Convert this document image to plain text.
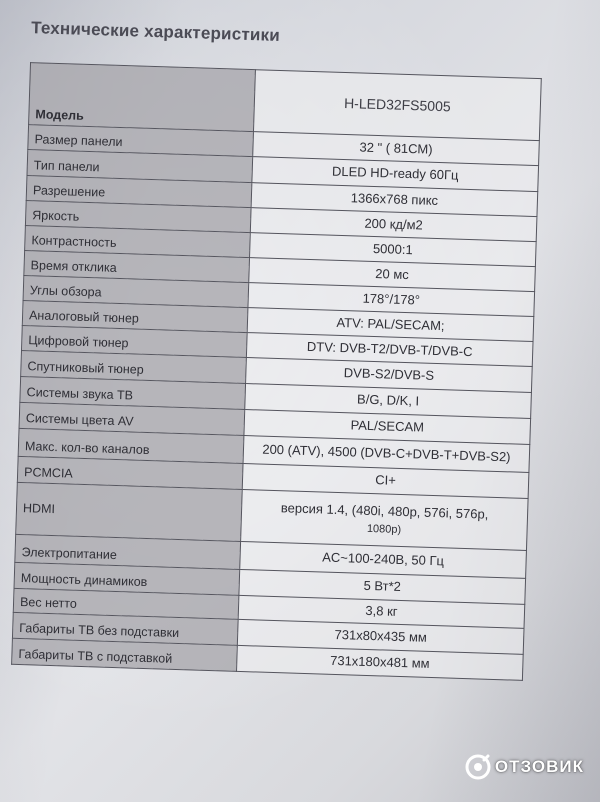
Технические характеристики
Модель	H-LED32FS5005
Размер панели	32 " ( 81СМ)
Тип панели	DLED HD-ready 60Гц
Разрешение	1366х768 пикс
Яркость	200 кд/м2
Контрастность	5000:1
Время отклика	20 мс
Углы обзора	178°/178°
Аналоговый тюнер	ATV: PAL/SECAM;
Цифровой тюнер	DTV: DVB-T2/DVB-T/DVB-C
Спутниковый тюнер	DVB-S2/DVB-S
Системы звука ТВ	B/G, D/K, I
Системы цвета AV	PAL/SECAM
Макс. кол-во каналов	200 (ATV), 4500 (DVB-C+DVB-T+DVB-S2)
PCMCIA	CI+
HDMI	версия 1.4, (480i, 480p, 576i, 576p,
1080p)
Электропитание	AC~100-240В, 50 Гц
Мощность динамиков	5 Вт*2
Вес нетто	3,8 кг
Габариты ТВ без подставки	731x80x435 мм
Габариты ТВ с подставкой	731x180x481 мм
ОТЗОВИК
